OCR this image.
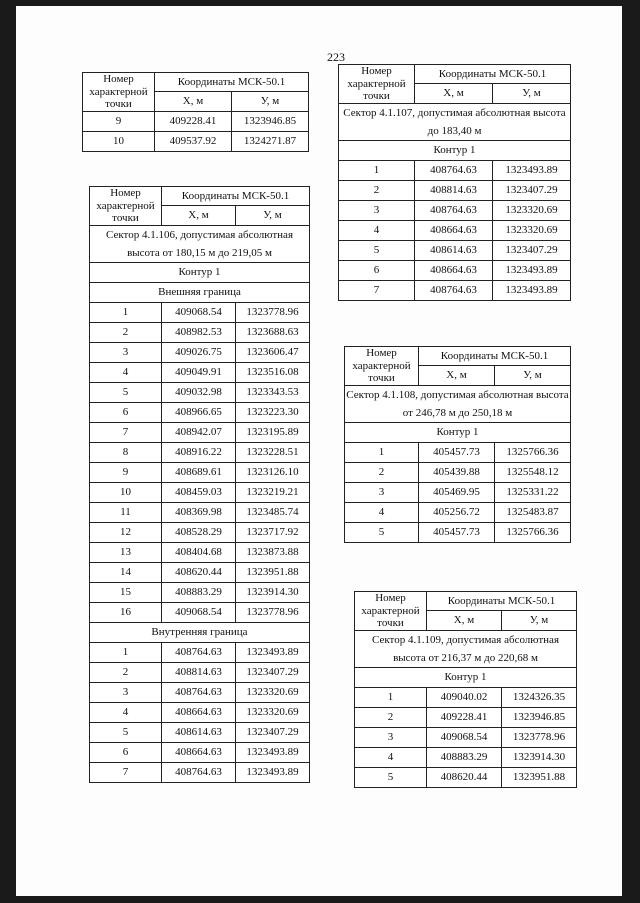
223
Номер характерной точки	Координаты МСК-50.1	
	X, м	У, м
9	409228.41	1323946.85
10	409537.92	1324271.87
Номер характерной точки	Координаты МСК-50.1	
	X, м	У, м
Сектор 4.1.106, допустимая абсолютная высота от 180,15 м до 219,05 м		
Контур 1		
Внешняя граница		
1	409068.54	1323778.96
2	408982.53	1323688.63
3	409026.75	1323606.47
4	409049.91	1323516.08
5	409032.98	1323343.53
6	408966.65	1323223.30
7	408942.07	1323195.89
8	408916.22	1323228.51
9	408689.61	1323126.10
10	408459.03	1323219.21
11	408369.98	1323485.74
12	408528.29	1323717.92
13	408404.68	1323873.88
14	408620.44	1323951.88
15	408883.29	1323914.30
16	409068.54	1323778.96
Внутренняя граница		
1	408764.63	1323493.89
2	408814.63	1323407.29
3	408764.63	1323320.69
4	408664.63	1323320.69
5	408614.63	1323407.29
6	408664.63	1323493.89
7	408764.63	1323493.89
Номер характерной точки	Координаты МСК-50.1	
	X, м	У, м
Сектор 4.1.107, допустимая абсолютная высота до 183,40 м		
Контур 1		
1	408764.63	1323493.89
2	408814.63	1323407.29
3	408764.63	1323320.69
4	408664.63	1323320.69
5	408614.63	1323407.29
6	408664.63	1323493.89
7	408764.63	1323493.89
Номер характерной точки	Координаты МСК-50.1	
	X, м	У, м
Сектор 4.1.108, допустимая абсолютная высота от 246,78 м до 250,18 м		
Контур 1		
1	405457.73	1325766.36
2	405439.88	1325548.12
3	405469.95	1325331.22
4	405256.72	1325483.87
5	405457.73	1325766.36
Номер характерной точки	Координаты МСК-50.1	
	X, м	У, м
Сектор 4.1.109, допустимая абсолютная высота от 216,37 м до 220,68 м		
Контур 1		
1	409040.02	1324326.35
2	409228.41	1323946.85
3	409068.54	1323778.96
4	408883.29	1323914.30
5	408620.44	1323951.88
